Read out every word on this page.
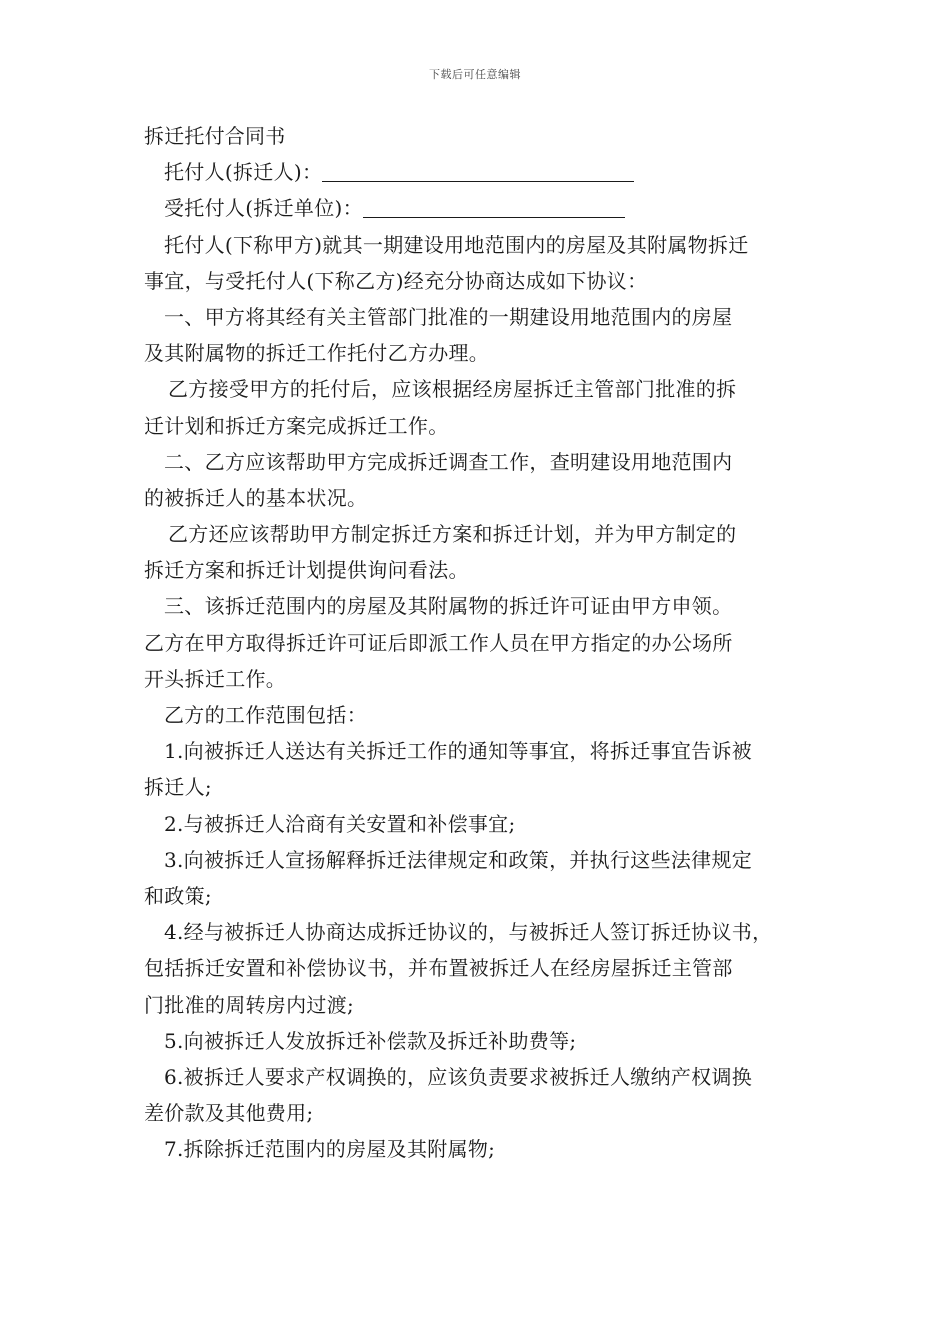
下载后可任意编辑
拆迁托付合同书
托付人(拆迁人)：
受托付人(拆迁单位)：
托付人(下称甲方)就其一期建设用地范围内的房屋及其附属物拆迁
事宜，与受托付人(下称乙方)经充分协商达成如下协议：
一、甲方将其经有关主管部门批准的一期建设用地范围内的房屋
及其附属物的拆迁工作托付乙方办理。
乙方接受甲方的托付后，应该根据经房屋拆迁主管部门批准的拆
迁计划和拆迁方案完成拆迁工作。
二、乙方应该帮助甲方完成拆迁调查工作，查明建设用地范围内
的被拆迁人的基本状况。
乙方还应该帮助甲方制定拆迁方案和拆迁计划，并为甲方制定的
拆迁方案和拆迁计划提供询问看法。
三、该拆迁范围内的房屋及其附属物的拆迁许可证由甲方申领。
乙方在甲方取得拆迁许可证后即派工作人员在甲方指定的办公场所
开头拆迁工作。
乙方的工作范围包括：
1.向被拆迁人送达有关拆迁工作的通知等事宜，将拆迁事宜告诉被
拆迁人;
2.与被拆迁人洽商有关安置和补偿事宜;
3.向被拆迁人宣扬解释拆迁法律规定和政策，并执行这些法律规定
和政策;
4.经与被拆迁人协商达成拆迁协议的，与被拆迁人签订拆迁协议书，
包括拆迁安置和补偿协议书，并布置被拆迁人在经房屋拆迁主管部
门批准的周转房内过渡;
5.向被拆迁人发放拆迁补偿款及拆迁补助费等;
6.被拆迁人要求产权调换的，应该负责要求被拆迁人缴纳产权调换
差价款及其他费用;
7.拆除拆迁范围内的房屋及其附属物;
